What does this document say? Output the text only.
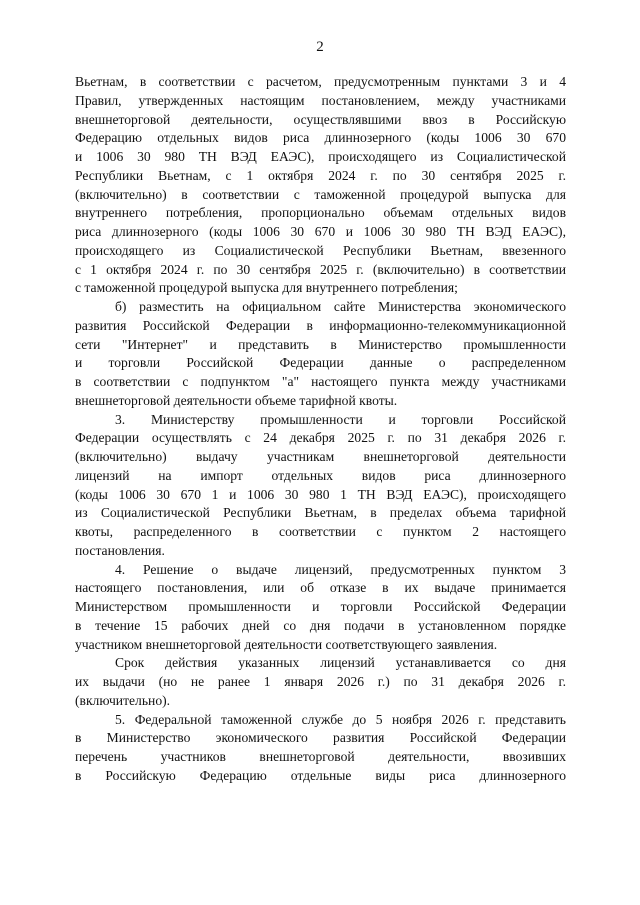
2
Вьетнам, в соответствии с расчетом, предусмотренным пунктами 3 и 4
Правил, утвержденных настоящим постановлением, между участниками
внешнеторговой деятельности, осуществлявшими ввоз в Российскую
Федерацию отдельных видов риса длиннозерного (коды 1006 30 670
и 1006 30 980 ТН ВЭД ЕАЭС), происходящего из Социалистической
Республики Вьетнам, с 1 октября 2024 г. по 30 сентября 2025 г.
(включительно) в соответствии с таможенной процедурой выпуска для
внутреннего потребления, пропорционально объемам отдельных видов
риса длиннозерного (коды 1006 30 670 и 1006 30 980 ТН ВЭД ЕАЭС),
происходящего из Социалистической Республики Вьетнам, ввезенного
с 1 октября 2024 г. по 30 сентября 2025 г. (включительно) в соответствии
с таможенной процедурой выпуска для внутреннего потребления;
б) разместить на официальном сайте Министерства экономического
развития Российской Федерации в информационно-телекоммуникационной
сети "Интернет" и представить в Министерство промышленности
и торговли Российской Федерации данные о распределенном
в соответствии с подпунктом "а" настоящего пункта между участниками
внешнеторговой деятельности объеме тарифной квоты.
3. Министерству промышленности и торговли Российской
Федерации осуществлять с 24 декабря 2025 г. по 31 декабря 2026 г.
(включительно) выдачу участникам внешнеторговой деятельности
лицензий на импорт отдельных видов риса длиннозерного
(коды 1006 30 670 1 и 1006 30 980 1 ТН ВЭД ЕАЭС), происходящего
из Социалистической Республики Вьетнам, в пределах объема тарифной
квоты, распределенного в соответствии с пунктом 2 настоящего
постановления.
4. Решение о выдаче лицензий, предусмотренных пунктом 3
настоящего постановления, или об отказе в их выдаче принимается
Министерством промышленности и торговли Российской Федерации
в течение 15 рабочих дней со дня подачи в установленном порядке
участником внешнеторговой деятельности соответствующего заявления.
Срок действия указанных лицензий устанавливается со дня
их выдачи (но не ранее 1 января 2026 г.) по 31 декабря 2026 г.
(включительно).
5. Федеральной таможенной службе до 5 ноября 2026 г. представить
в Министерство экономического развития Российской Федерации
перечень участников внешнеторговой деятельности, ввозивших
в Российскую Федерацию отдельные виды риса длиннозерного
